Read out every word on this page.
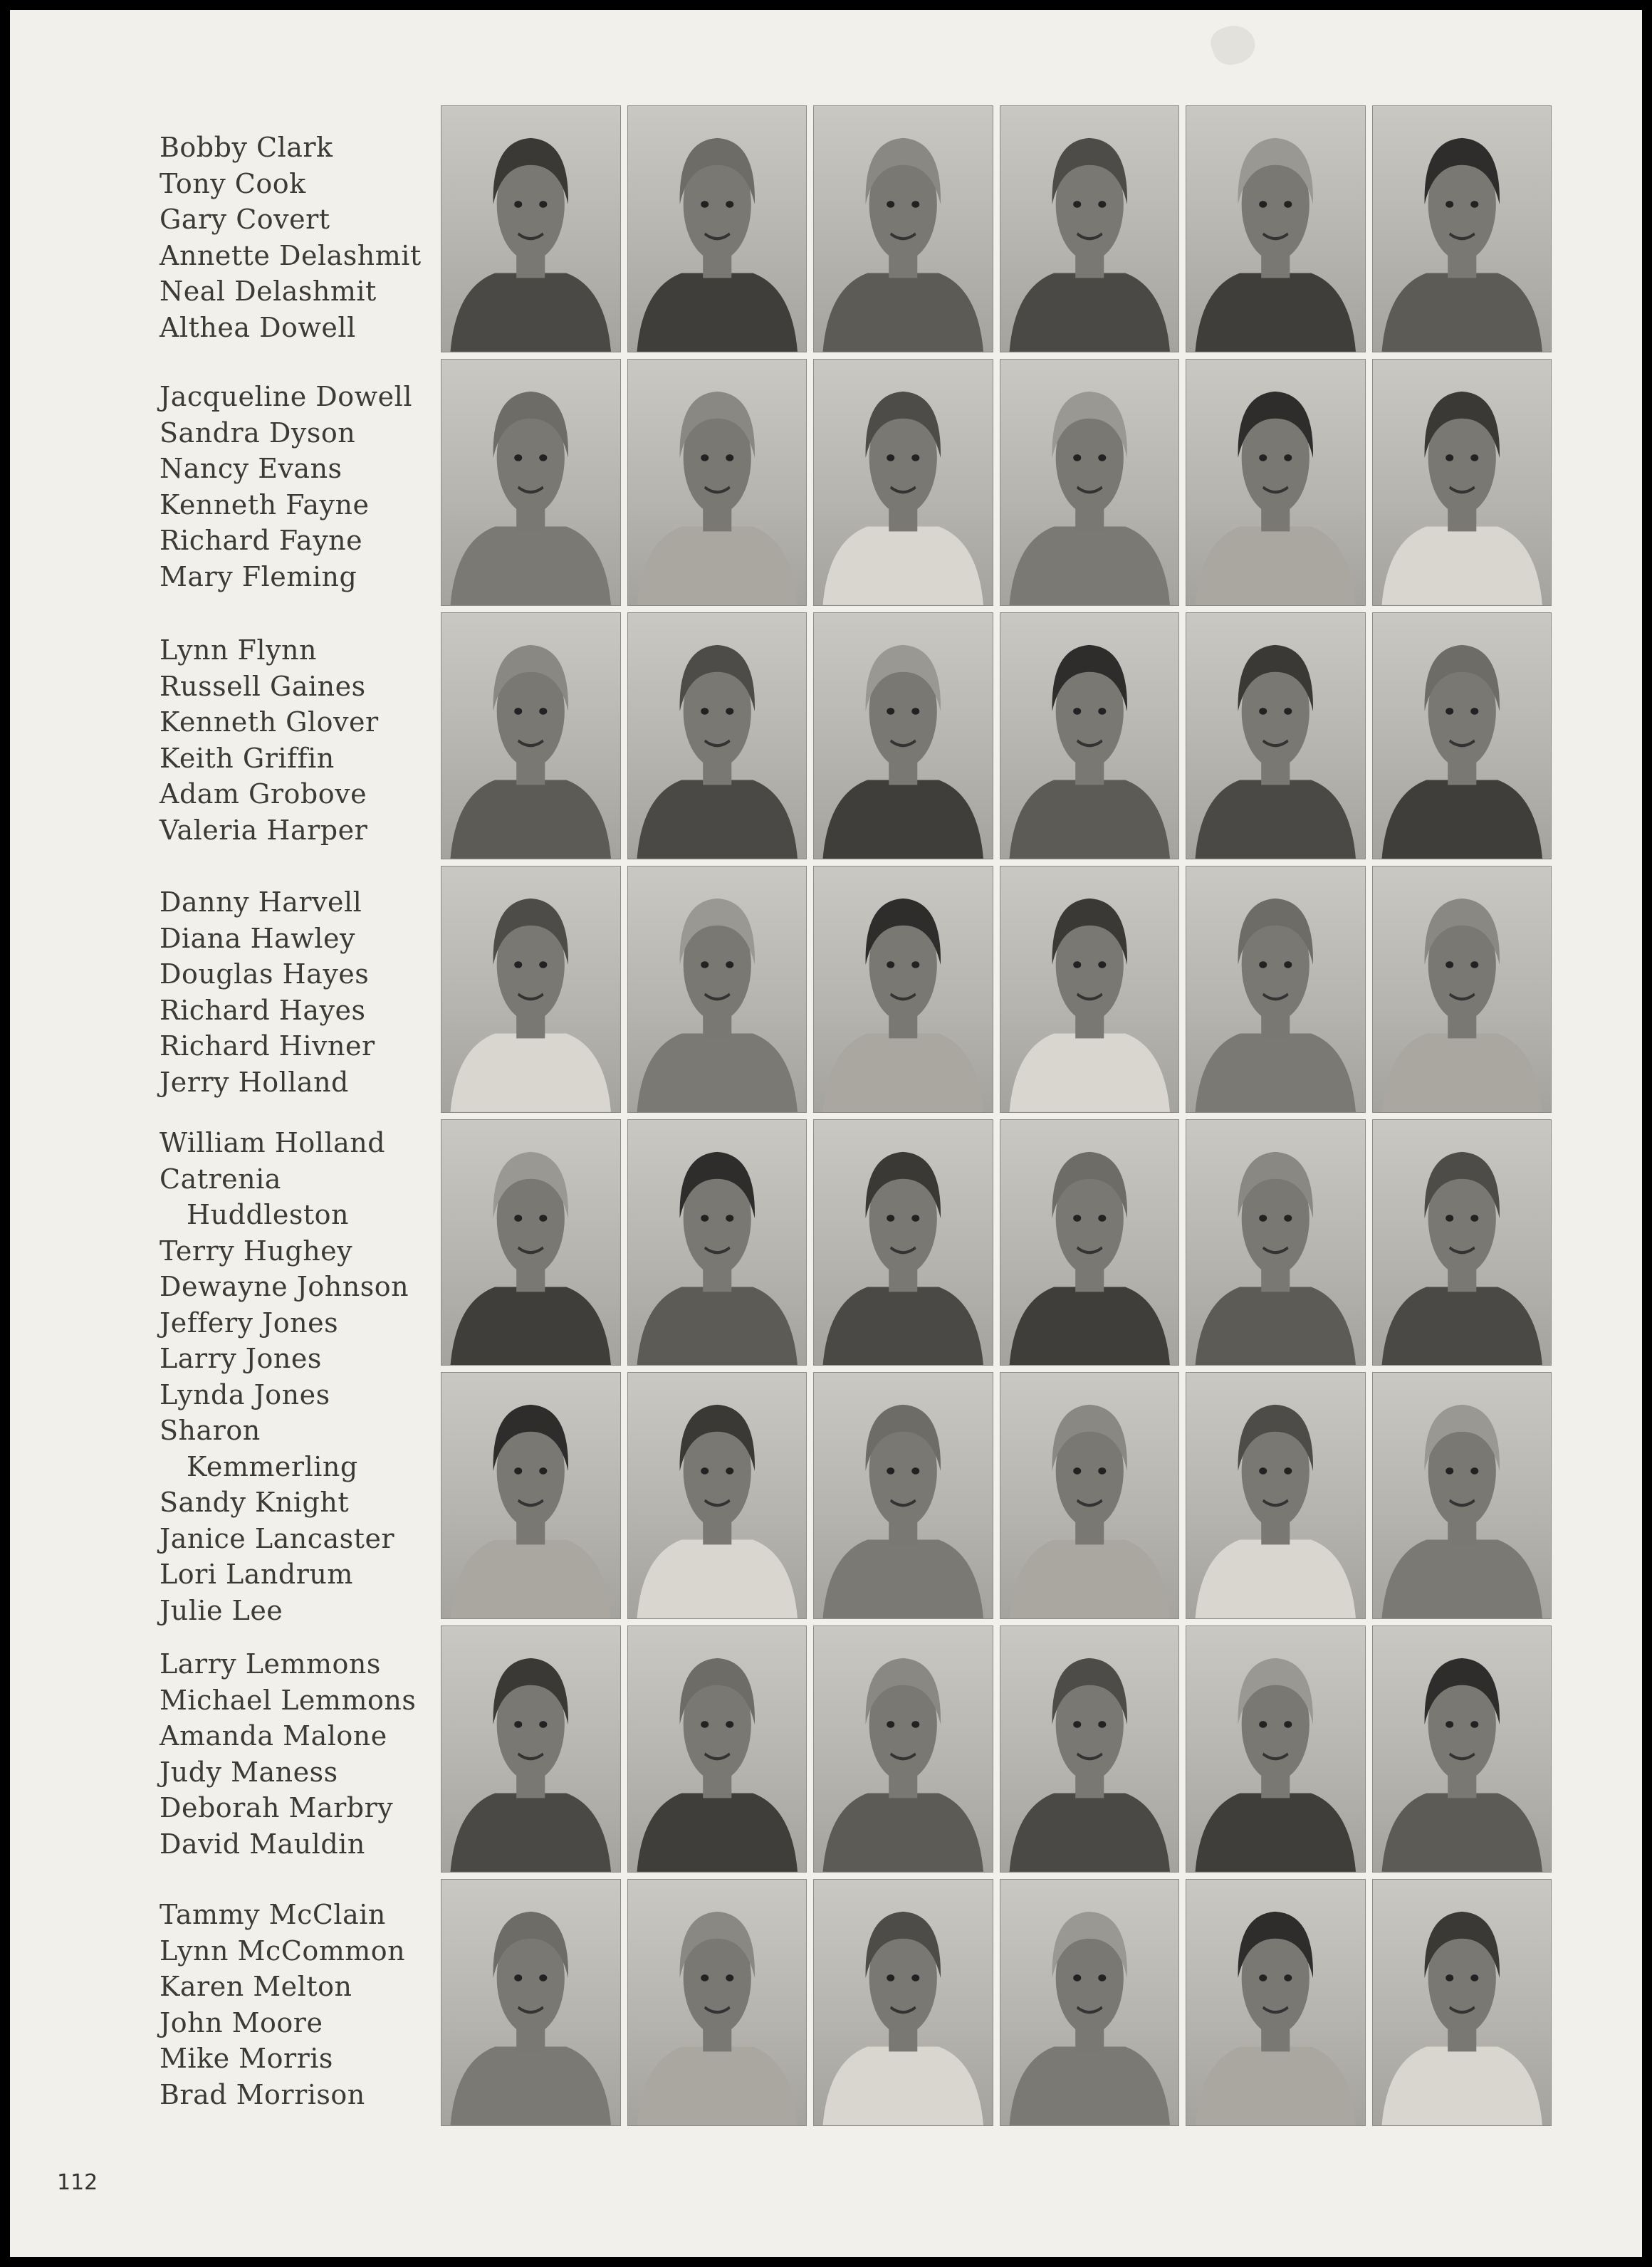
Bobby Clark
Tony Cook
Gary Covert
Annette Delashmit
Neal Delashmit
Althea Dowell
Jacqueline Dowell
Sandra Dyson
Nancy Evans
Kenneth Fayne
Richard Fayne
Mary Fleming
Lynn Flynn
Russell Gaines
Kenneth Glover
Keith Griffin
Adam Grobove
Valeria Harper
Danny Harvell
Diana Hawley
Douglas Hayes
Richard Hayes
Richard Hivner
Jerry Holland
William Holland
Catrenia
Huddleston
Terry Hughey
Dewayne Johnson
Jeffery Jones
Larry Jones
Lynda Jones
Sharon
Kemmerling
Sandy Knight
Janice Lancaster
Lori Landrum
Julie Lee
Larry Lemmons
Michael Lemmons
Amanda Malone
Judy Maness
Deborah Marbry
David Mauldin
Tammy McClain
Lynn McCommon
Karen Melton
John Moore
Mike Morris
Brad Morrison
112
